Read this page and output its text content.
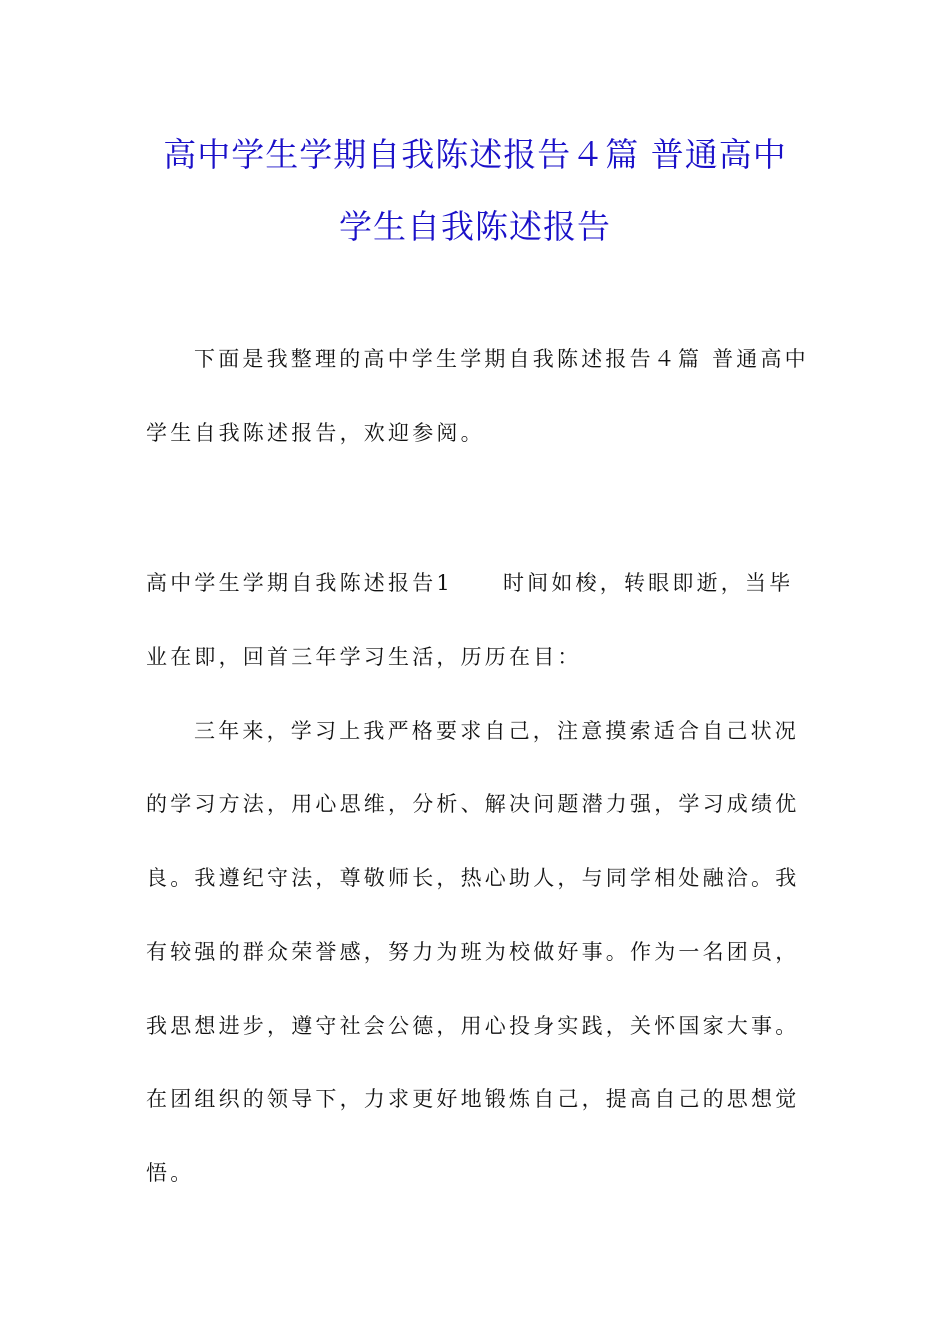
高中学生学期自我陈述报告４篇 普通高中
学生自我陈述报告
下面是我整理的高中学生学期自我陈述报告４篇 普通高中
学生自我陈述报告，欢迎参阅。
高中学生学期自我陈述报告1 时间如梭，转眼即逝，当毕
业在即，回首三年学习生活，历历在目：
三年来，学习上我严格要求自己，注意摸索适合自己状况
的学习方法，用心思维，分析、解决问题潜力强，学习成绩优
良。我遵纪守法，尊敬师长，热心助人，与同学相处融洽。我
有较强的群众荣誉感，努力为班为校做好事。作为一名团员，
我思想进步，遵守社会公德，用心投身实践，关怀国家大事。
在团组织的领导下，力求更好地锻炼自己，提高自己的思想觉
悟。
